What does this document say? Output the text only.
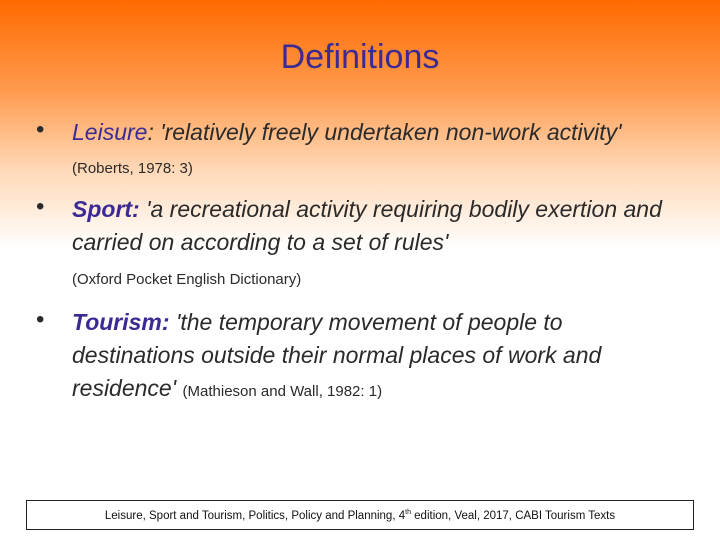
Definitions
• Leisure: 'relatively freely undertaken non-work activity' (Roberts, 1978: 3)
• Sport: 'a recreational activity requiring bodily exertion and carried on according to a set of rules'
(Oxford Pocket English Dictionary)
• Tourism: 'the temporary movement of people to destinations outside their normal places of work and residence' (Mathieson and Wall, 1982: 1)
Leisure, Sport and Tourism, Politics, Policy and Planning, 4th edition, Veal, 2017, CABI Tourism Texts
